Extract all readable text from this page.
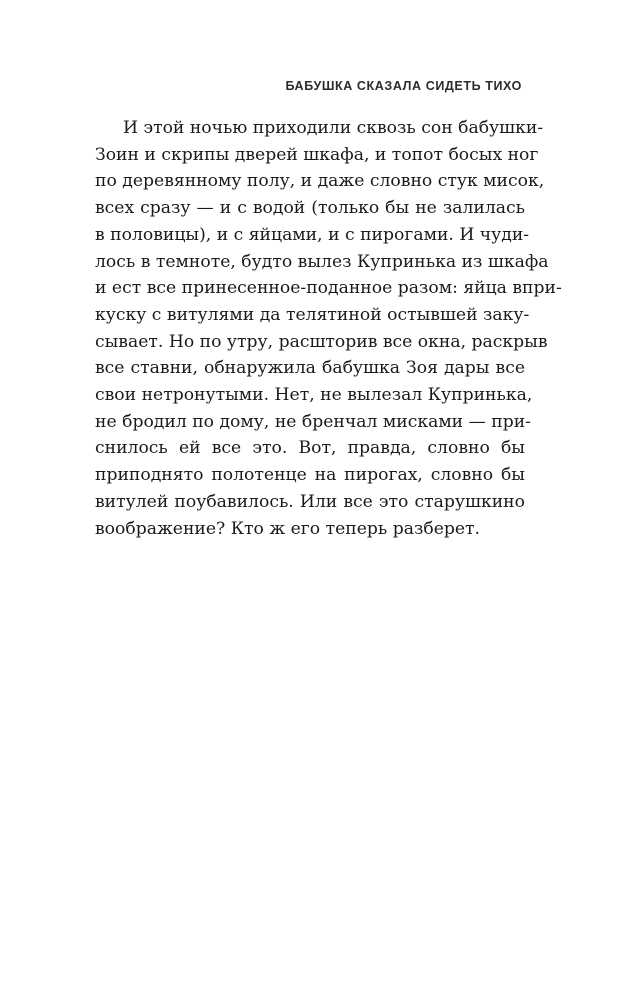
БАБУШКА СКАЗАЛА СИДЕТЬ ТИХО
И этой ночью приходили сквозь сон бабушки-
Зоин и скрипы дверей шкафа, и топот босых ног
по деревянному полу, и даже словно стук мисок,
всех сразу — и с водой (только бы не залилась
в половицы), и с яйцами, и с пирогами. И чуди-
лось в темноте, будто вылез Купринька из шкафа
и ест все принесенное-поданное разом: яйца впри-
куску с витулями да телятиной остывшей заку-
сывает. Но по утру, расшторив все окна, раскрыв
все ставни, обнаружила бабушка Зоя дары все
свои нетронутыми. Нет, не вылезал Купринька,
не бродил по дому, не бренчал мисками — при-
снилось ей все это. Вот, правда, словно бы
приподнято полотенце на пирогах, словно бы
витулей поубавилось. Или все это старушкино
воображение? Кто ж его теперь разберет.
